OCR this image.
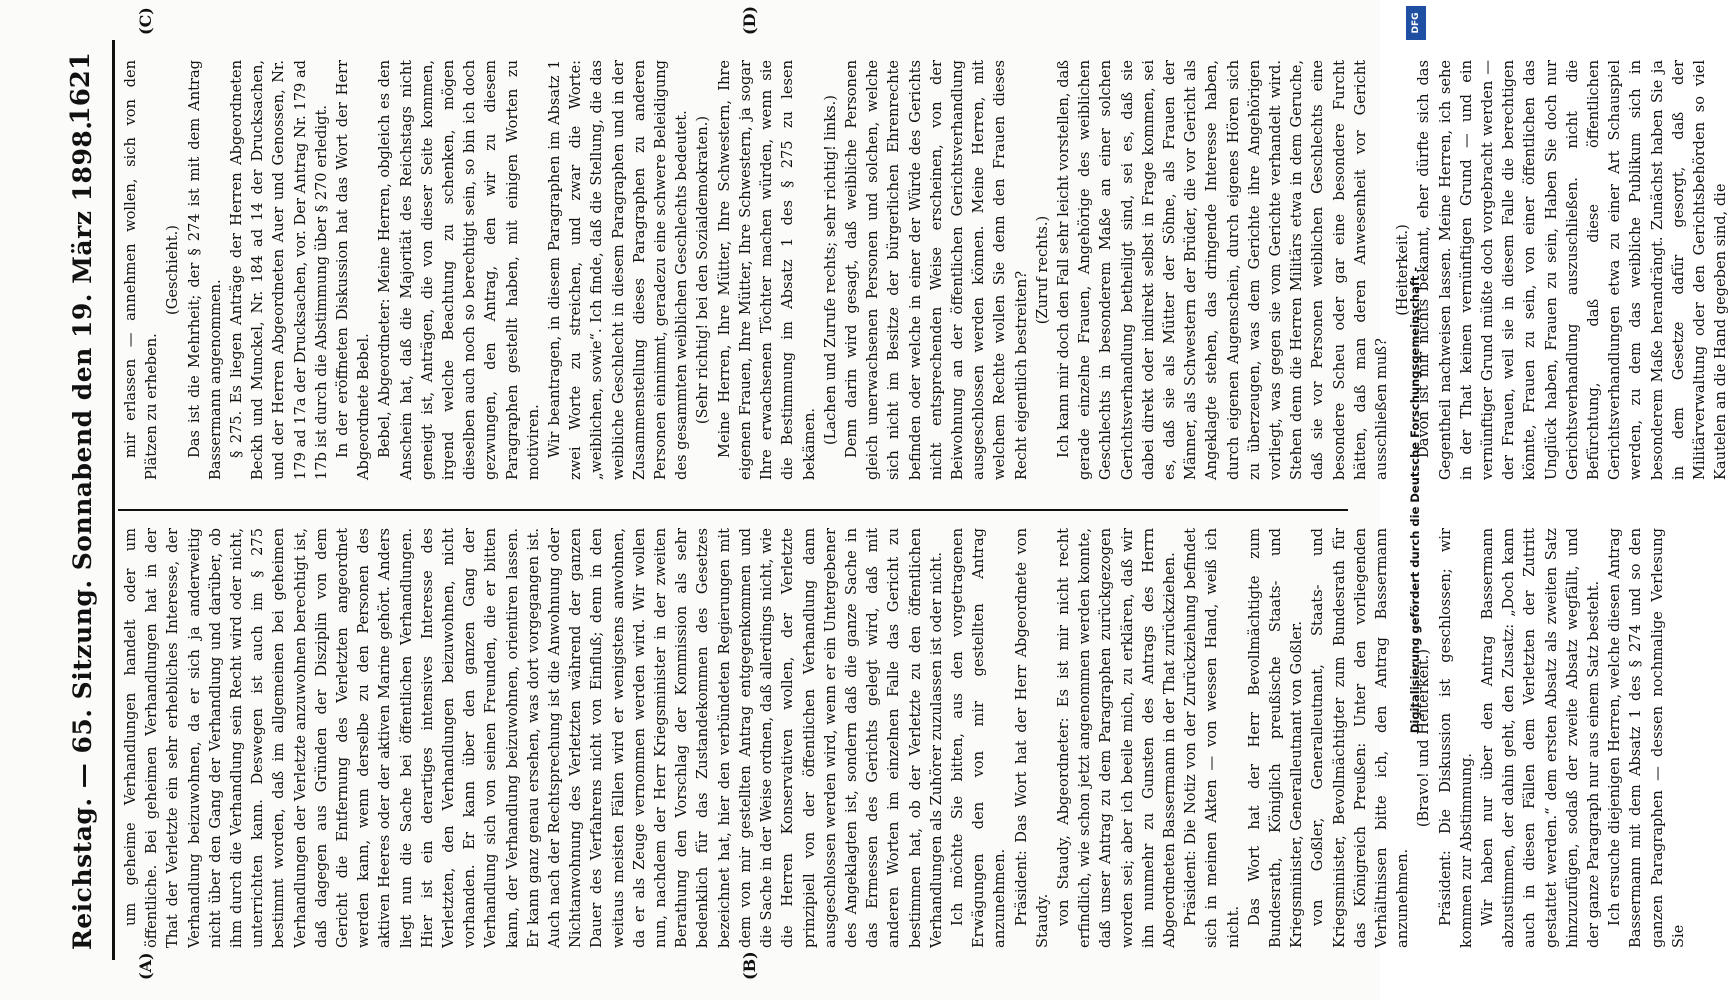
Reichstag. — 65. Sitzung. Sonnabend den 19. März 1898.
1621
(A)	(B)
(C)	(D)

um geheime Verhandlungen handelt oder um öffentliche. Bei geheimen Verhandlungen hat in der That der Verletzte ein sehr erhebliches Interesse, der Verhandlung beizuwohnen, da er sich ja anderweitig nicht über den Gang der Verhandlung und darüber, ob ihm durch die Verhandlung sein Recht wird oder nicht, unterrichten kann. Deswegen ist auch im § 275 bestimmt worden, daß im allgemeinen bei geheimen Verhandlungen der Verletzte anzuwohnen berechtigt ist, daß dagegen aus Gründen der Disziplin von dem Gericht die Entfernung des Verletzten angeordnet werden kann, wenn derselbe zu den Personen des aktiven Heeres oder der aktiven Marine gehört. Anders liegt nun die Sache bei öffentlichen Verhandlungen. Hier ist ein derartiges intensives Interesse des Verletzten, den Verhandlungen beizuwohnen, nicht vorhanden. Er kann über den ganzen Gang der Verhandlung sich von seinen Freunden, die er bitten kann, der Verhandlung beizuwohnen, orientiren lassen. Er kann ganz genau ersehen, was dort vorgegangen ist. Auch nach der Rechtsprechung ist die Anwohnung oder Nichtanwohnung des Verletzten während der ganzen Dauer des Verfahrens nicht von Einfluß; denn in den weitaus meisten Fällen wird er wenigstens anwohnen, da er als Zeuge vernommen werden wird. Wir wollen nun, nachdem der Herr Kriegsminister in der zweiten Berathung den Vorschlag der Kommission als sehr bedenklich für das Zustandekommen des Gesetzes bezeichnet hat, hier den verbündeten Regierungen mit dem von mir gestellten Antrag entgegenkommen und die Sache in der Weise ordnen, daß allerdings nicht, wie die Herren Konservativen wollen, der Verletzte prinzipiell von der öffentlichen Verhandlung dann ausgeschlossen werden wird, wenn er ein Untergebener des Angeklagten ist, sondern daß die ganze Sache in das Ermessen des Gerichts gelegt wird, daß mit anderen Worten im einzelnen Falle das Gericht zu bestimmen hat, ob der Verletzte zu den öffentlichen Verhandlungen als Zuhörer zuzulassen ist oder nicht. Ich möchte Sie bitten, aus den vorgetragenen Erwägungen den von mir gestellten Antrag anzunehmen. Präsident: Das Wort hat der Herr Abgeordnete von Staudy. von Staudy, Abgeordneter: Es ist mir nicht recht erfindlich, wie schon jetzt angenommen werden konnte, daß unser Antrag zu dem Paragraphen zurückgezogen worden sei; aber ich beeile mich, zu erklären, daß wir ihn nunmehr zu Gunsten des Antrags des Herrn Abgeordneten Bassermann in der That zurückziehen. Präsident: Die Notiz von der Zurückziehung befindet sich in meinen Akten — von wessen Hand, weiß ich nicht.

Das Wort hat der Herr Bevollmächtigte zum Bundesrath, Königlich preußische Staats- und Kriegsminister, Generalleutnant von Goßler. von Goßler, Generalleutnant, Staats- und Kriegsminister, Bevollmächtigter zum Bundesrath für das Königreich Preußen: Unter den vorliegenden Verhältnissen bitte ich, den Antrag Bassermann anzunehmen.

(Bravo! und Heiterkeit.) Präsident: Die Diskussion ist geschlossen; wir kommen zur Abstimmung. Wir haben nur über den Antrag Bassermann abzustimmen, der dahin geht, den Zusatz: „Doch kann auch in diesen Fällen dem Verletzten der Zutritt gestattet werden.“ dem ersten Absatz als zweiten Satz hinzuzufügen, sodaß der zweite Absatz wegfällt, und der ganze Paragraph nur aus einem Satz besteht. Ich ersuche diejenigen Herren, welche diesen Antrag Bassermann mit dem Absatz 1 des § 274 und so den ganzen Paragraphen — dessen nochmalige Verlesung Sie

mir erlassen — annehmen wollen, sich von den Plätzen zu erheben.

(Geschieht.) Das ist die Mehrheit; der § 274 ist mit dem Antrag Bassermann angenommen. § 275. Es liegen Anträge der Herren Abgeordneten Beckh und Munckel, Nr. 184 ad 14 der Drucksachen, und der Herren Abgeordneten Auer und Genossen, Nr. 179 ad 17a der Drucksachen, vor. Der Antrag Nr. 179 ad 17b ist durch die Abstimmung über § 270 erledigt. In der eröffneten Diskussion hat das Wort der Herr Abgeordnete Bebel. Bebel, Abgeordneter: Meine Herren, obgleich es den Anschein hat, daß die Majorität des Reichstags nicht geneigt ist, Anträgen, die von dieser Seite kommen, irgend welche Beachtung zu schenken, mögen dieselben auch noch so berechtigt sein, so bin ich doch gezwungen, den Antrag, den wir zu diesem Paragraphen gestellt haben, mit einigen Worten zu motiviren. Wir beantragen, in diesem Paragraphen im Absatz 1 zwei Worte zu streichen, und zwar die Worte: „weiblichen, sowie“. Ich finde, daß die Stellung, die das weibliche Geschlecht in diesem Paragraphen und in der Zusammenstellung dieses Paragraphen zu anderen Personen einnimmt, geradezu eine schwere Beleidigung des gesammten weiblichen Geschlechts bedeutet. (Sehr richtig! bei den Sozialdemokraten.) Meine Herren, Ihre Mütter, Ihre Schwestern, Ihre eigenen Frauen, Ihre Mütter, Ihre Schwestern, ja sogar Ihre erwachsenen Töchter machen würden, wenn sie die Bestimmung im Absatz 1 des § 275 zu lesen bekämen. (Lachen und Zurufe rechts; sehr richtig! links.) Denn darin wird gesagt, daß weibliche Personen gleich unerwachsenen Personen und solchen, welche sich nicht im Besitze der bürgerlichen Ehrenrechte befinden oder welche in einer der Würde des Gerichts nicht entsprechenden Weise erscheinen, von der Beiwohnung an der öffentlichen Gerichtsverhandlung ausgeschlossen werden können. Meine Herren, mit welchem Rechte wollen Sie denn den Frauen dieses Recht eigentlich bestreiten?

(Zuruf rechts.) Ich kann mir doch den Fall sehr leicht vorstellen, daß gerade einzelne Frauen, Angehörige des weiblichen Geschlechts in besonderem Maße an einer solchen Gerichtsverhandlung betheiligt sind, sei es, daß sie dabei direkt oder indirekt selbst in Frage kommen, sei es, daß sie als Mütter der Söhne, als Frauen der Männer, als Schwestern der Brüder, die vor Gericht als Angeklagte stehen, das dringende Interesse haben, durch eigenen Augenschein, durch eigenes Hören sich zu überzeugen, was dem Gerichte ihre Angehörigen vorliegt, was gegen sie vom Gerichte verhandelt wird. Stehen denn die Herren Militärs etwa in dem Geruche, daß sie vor Personen weiblichen Geschlechts eine besondere Scheu oder gar eine besondere Furcht hätten, daß man deren Anwesenheit vor Gericht ausschließen muß?

(Heiterkeit.) Davon ist mir nichts bekannt, eher dürfte sich das Gegentheil nachweisen lassen. Meine Herren, ich sehe in der That keinen vernünftigen Grund — und ein vernünftiger Grund müßte doch vorgebracht werden — der Frauen, weil sie in diesem Falle die berechtigen könnte, Frauen zu sein, von einer öffentlichen das Unglück haben, Frauen zu sein, Haben Sie doch nur Gerichtsverhandlung auszuschließen. nicht die Befürchtung, daß diese öffentlichen Gerichtsverhandlungen etwa zu einer Art Schauspiel werden, zu dem das weibliche Publikum sich in besonderem Maße herandrängt. Zunächst haben Sie ja in dem Gesetze dafür gesorgt, daß der Militärverwaltung oder den Gerichtsbehörden so viel Kautelen an die Hand gegeben sind, die

Digitalisierung gefördert durch die Deutsche Forschungsgemeinschaft -
DFG
